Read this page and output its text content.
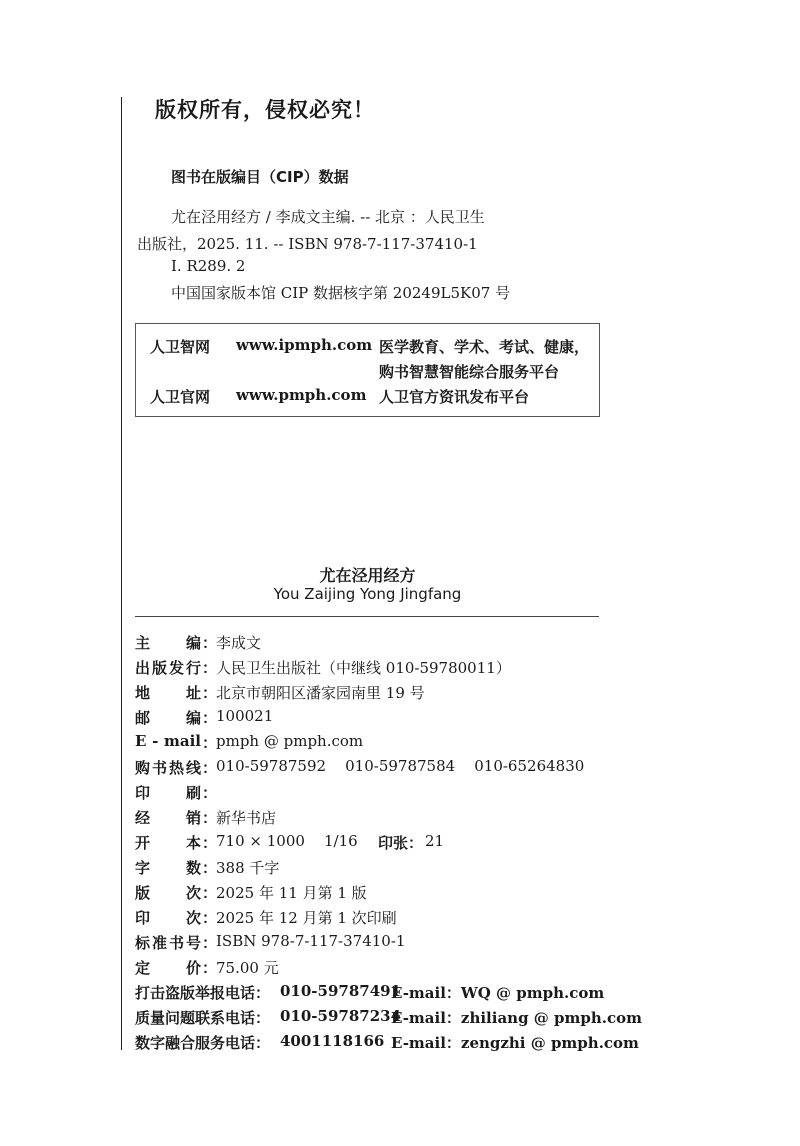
版权所有，侵权必究！
图书在版编目（CIP）数据
尤在泾用经方 / 李成文主编. -- 北京 ：人民卫生
出版社，2025. 11. -- ISBN 978-7-117-37410-1
Ⅰ. R289. 2
中国国家版本馆 CIP 数据核字第 20249L5K07 号
人卫智网 www.ipmph.com 医学教育、学术、考试、健康，
购书智慧智能综合服务平台
人卫官网 www.pmph.com 人卫官方资讯发布平台
尤在泾用经方
You Zaijing Yong Jingfang
主 编 ：
李成文
出 版 发 行 ：
人民卫生出版社（中继线 010-59780011）
地 址 ：
北京市朝阳区潘家园南里 19 号
邮 编 ：
100021
E - mail ：
pmph @ pmph.com
购 书 热 线 ：
010-59787592    010-59787584    010-65264830
印 刷 ：
经 销 ：
新华书店
开 本 ：
710 × 1000    1/16 印张： 21
字 数 ：
388 千字
版 次 ：
2025 年 11 月第 1 版
印 次 ：
2025 年 12 月第 1 次印刷
标 准 书 号 ：
ISBN 978-7-117-37410-1
定 价 ：
75.00 元
打击盗版举报电话： 010-59787491
E-mail：WQ @ pmph.com
质量问题联系电话： 010-59787234
E-mail：zhiliang @ pmph.com
数字融合服务电话： 4001118166 E-mail：zengzhi @ pmph.com
